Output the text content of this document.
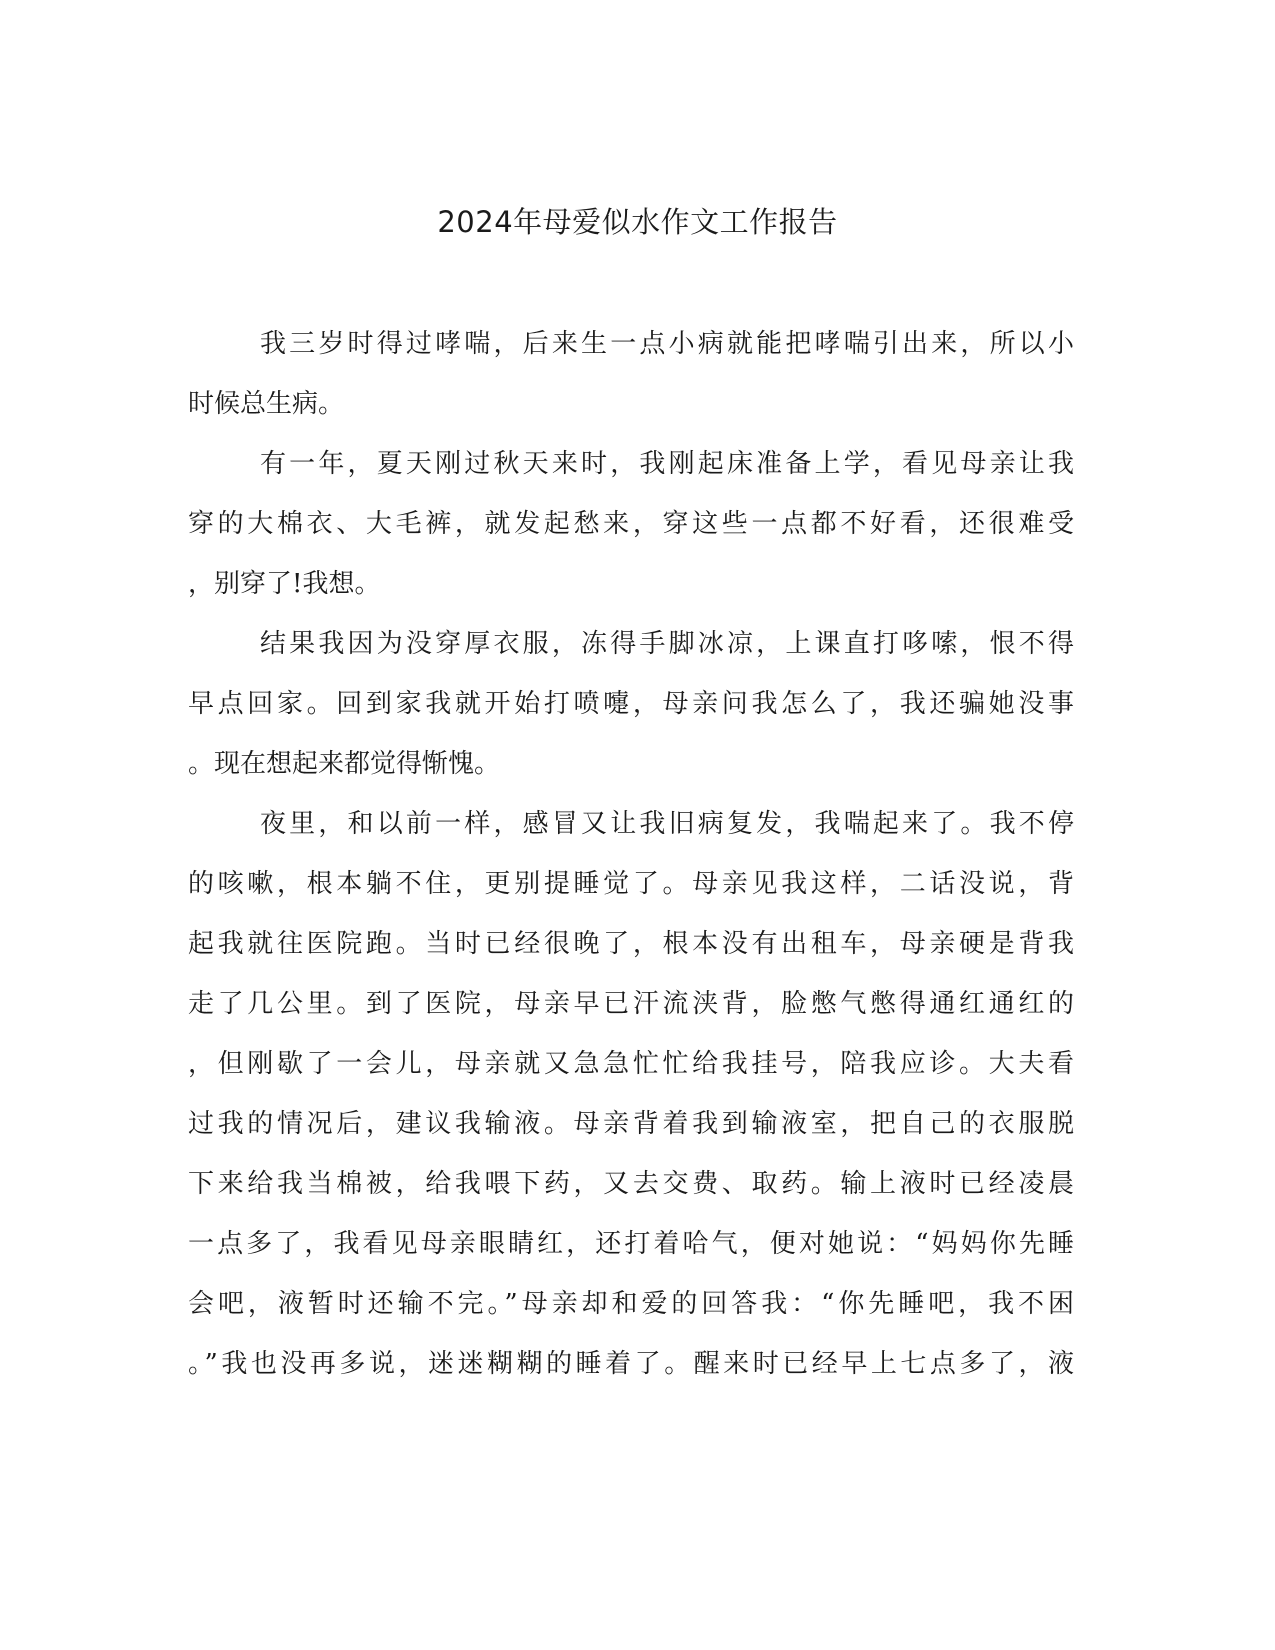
2024年母爱似水作文工作报告
我三岁时得过哮喘，后来生一点小病就能把哮喘引出来，所以小
时候总生病。
有一年，夏天刚过秋天来时，我刚起床准备上学，看见母亲让我
穿的大棉衣、大毛裤，就发起愁来，穿这些一点都不好看，还很难受
，别穿了!我想。
结果我因为没穿厚衣服，冻得手脚冰凉，上课直打哆嗦，恨不得
早点回家。回到家我就开始打喷嚏，母亲问我怎么了，我还骗她没事
。现在想起来都觉得惭愧。
夜里，和以前一样，感冒又让我旧病复发，我喘起来了。我不停
的咳嗽，根本躺不住，更别提睡觉了。母亲见我这样，二话没说，背
起我就往医院跑。当时已经很晚了，根本没有出租车，母亲硬是背我
走了几公里。到了医院，母亲早已汗流浃背，脸憋气憋得通红通红的
，但刚歇了一会儿，母亲就又急急忙忙给我挂号，陪我应诊。大夫看
过我的情况后，建议我输液。母亲背着我到输液室，把自己的衣服脱
下来给我当棉被，给我喂下药，又去交费、取药。输上液时已经凌晨
一点多了，我看见母亲眼睛红，还打着哈气，便对她说：“妈妈你先睡
会吧，液暂时还输不完。”母亲却和爱的回答我：“你先睡吧，我不困
。”我也没再多说，迷迷糊糊的睡着了。醒来时已经早上七点多了，液
